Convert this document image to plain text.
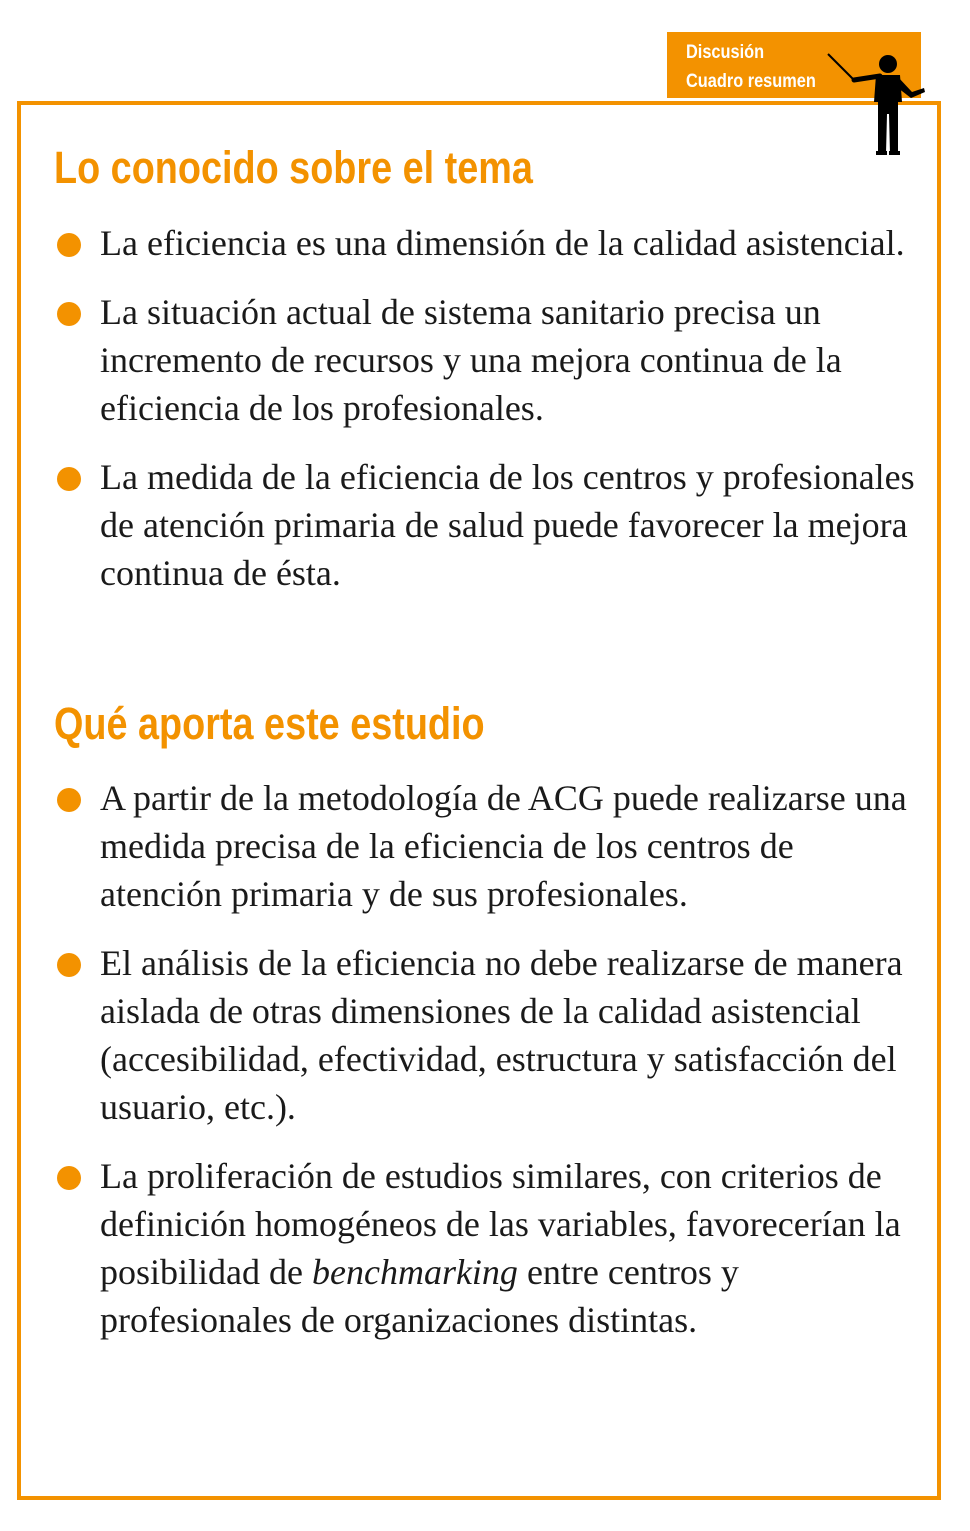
Discusión
Cuadro resumen
Lo conocido sobre el tema
La eficiencia es una dimensión de la calidad asistencial.
La situación actual de sistema sanitario precisa un incremento de recursos y una mejora continua de la eficiencia de los profesionales.
La medida de la eficiencia de los centros y profesionales de atención primaria de salud puede favorecer la mejora continua de ésta.
Qué aporta este estudio
A partir de la metodología de ACG puede realizarse una medida precisa de la eficiencia de los centros de atención primaria y de sus profesionales.
El análisis de la eficiencia no debe realizarse de manera aislada de otras dimensiones de la calidad asistencial (accesibilidad, efectividad, estructura y satisfacción del usuario, etc.).
La proliferación de estudios similares, con criterios de definición homogéneos de las variables, favorecerían la posibilidad de benchmarking entre centros y profesionales de organizaciones distintas.
